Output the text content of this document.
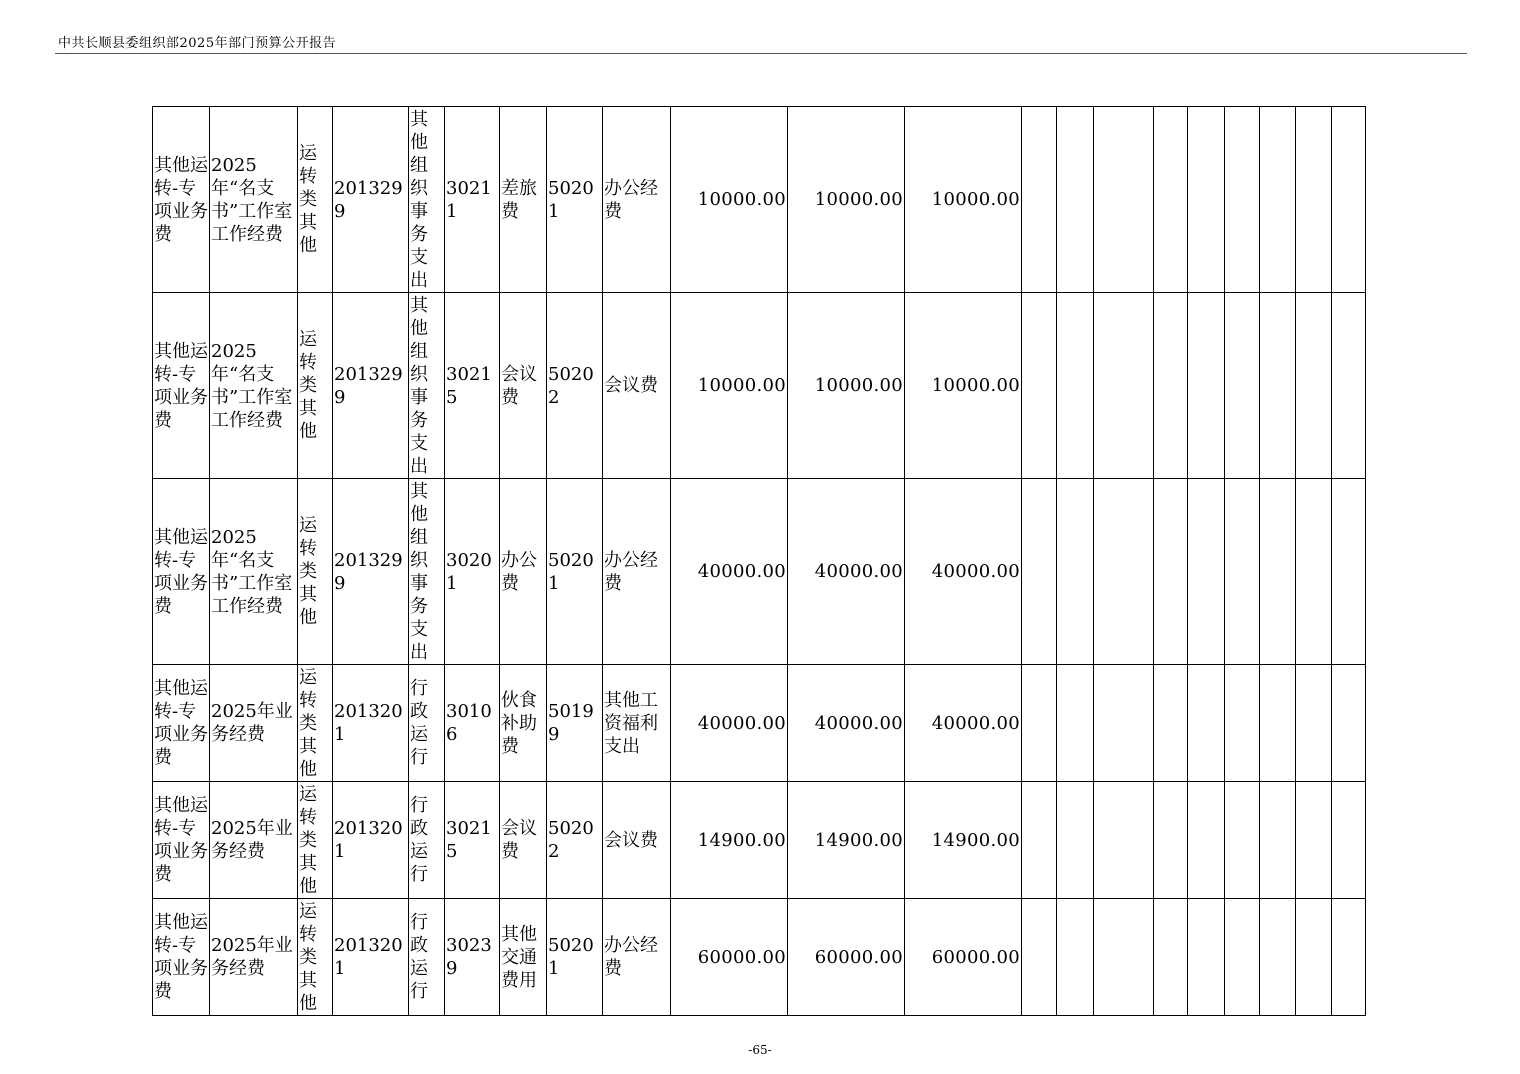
中共长顺县委组织部2025年部门预算公开报告
其他运转-专项业务费	2025年“名支书”工作室工作经费	运转类其他	2013299	其他组织事务支出	30211	差旅费	50201	办公经费	10000.00	10000.00	10000.00									
其他运转-专项业务费	2025年“名支书”工作室工作经费	运转类其他	2013299	其他组织事务支出	30215	会议费	50202	会议费	10000.00	10000.00	10000.00									
其他运转-专项业务费	2025年“名支书”工作室工作经费	运转类其他	2013299	其他组织事务支出	30201	办公费	50201	办公经费	40000.00	40000.00	40000.00									
其他运转-专项业务费	2025年业务经费	运转类其他	2013201	行政运行	30106	伙食补助费	50199	其他工资福利支出	40000.00	40000.00	40000.00									
其他运转-专项业务费	2025年业务经费	运转类其他	2013201	行政运行	30215	会议费	50202	会议费	14900.00	14900.00	14900.00									
其他运转-专项业务费	2025年业务经费	运转类其他	2013201	行政运行	30239	其他交通费用	50201	办公经费	60000.00	60000.00	60000.00									
-65-
